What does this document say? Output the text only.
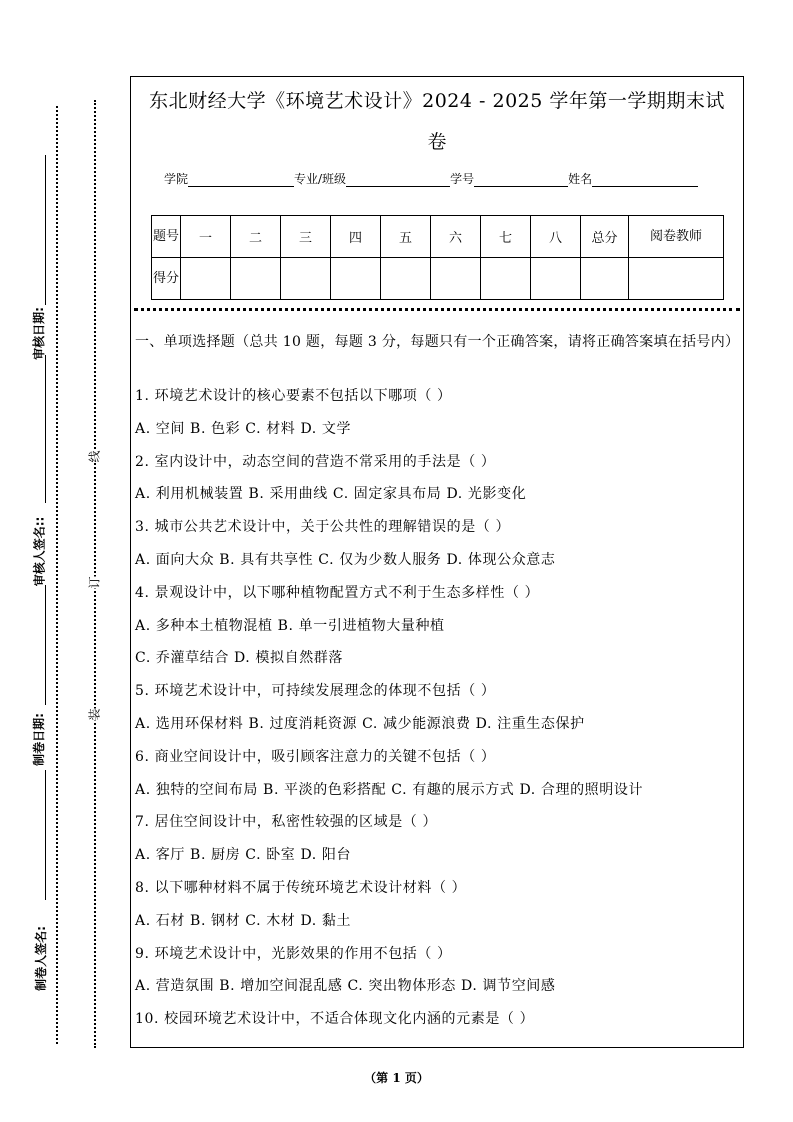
审核日期:
审核人签名::
制卷日期:
制卷人签名:
线
订
装
东北财经大学《环境艺术设计》2024 - 2025 学年第一学期期末试
卷
学院	专业/班级	学号	姓名
题号	一	二	三	四	五	六	七	八	总分	阅卷教师
得分										
一、单项选择题（总共 10 题，每题 3 分，每题只有一个正确答案，请将正确答案填在括号内）
1. 环境艺术设计的核心要素不包括以下哪项（ ）
A. 空间 B. 色彩 C. 材料 D. 文学
2. 室内设计中，动态空间的营造不常采用的手法是（ ）
A. 利用机械装置 B. 采用曲线 C. 固定家具布局 D. 光影变化
3. 城市公共艺术设计中，关于公共性的理解错误的是（ ）
A. 面向大众 B. 具有共享性 C. 仅为少数人服务 D. 体现公众意志
4. 景观设计中，以下哪种植物配置方式不利于生态多样性（ ）
A. 多种本土植物混植 B. 单一引进植物大量种植
C. 乔灌草结合 D. 模拟自然群落
5. 环境艺术设计中，可持续发展理念的体现不包括（ ）
A. 选用环保材料 B. 过度消耗资源 C. 减少能源浪费 D. 注重生态保护
6. 商业空间设计中，吸引顾客注意力的关键不包括（ ）
A. 独特的空间布局 B. 平淡的色彩搭配 C. 有趣的展示方式 D. 合理的照明设计
7. 居住空间设计中，私密性较强的区域是（ ）
A. 客厅 B. 厨房 C. 卧室 D. 阳台
8. 以下哪种材料不属于传统环境艺术设计材料（ ）
A. 石材 B. 钢材 C. 木材 D. 黏土
9. 环境艺术设计中，光影效果的作用不包括（ ）
A. 营造氛围 B. 增加空间混乱感 C. 突出物体形态 D. 调节空间感
10. 校园环境艺术设计中，不适合体现文化内涵的元素是（ ）
（第 1 页）
